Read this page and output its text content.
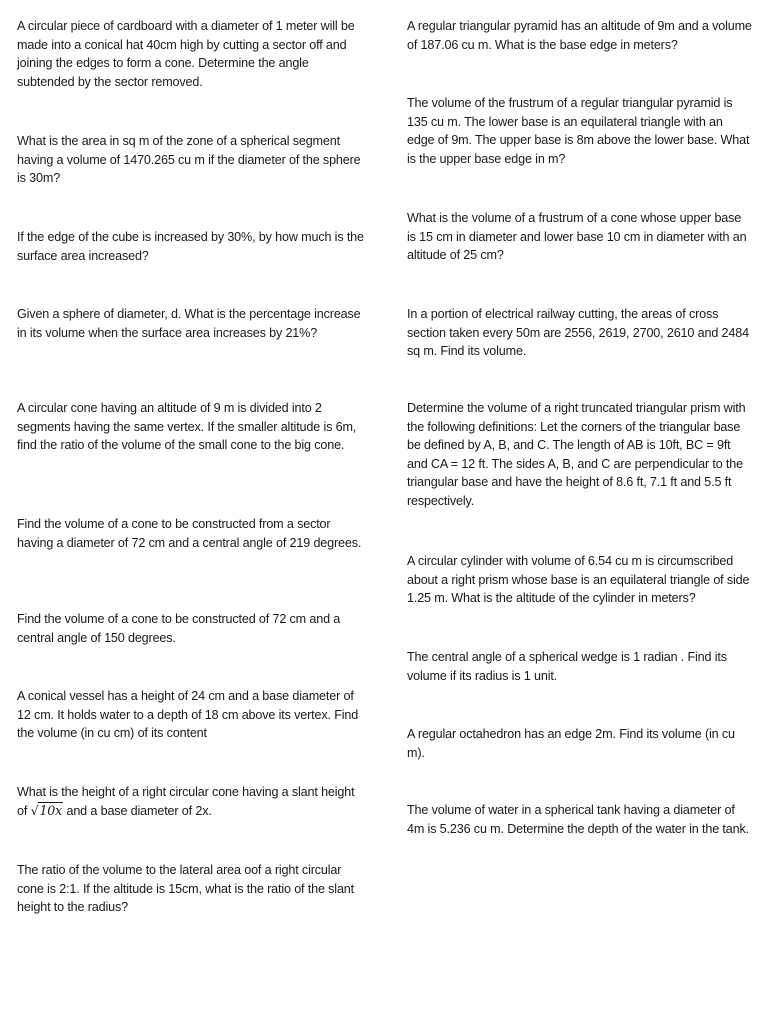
A circular piece of cardboard with a diameter of 1 meter will be made into a conical hat 40cm high by cutting a sector off and joining the edges to form a cone. Determine the angle subtended by the sector removed.

What is the area in sq m of the zone of a spherical segment having a volume of 1470.265 cu m if the diameter of the sphere is 30m?

If the edge of the cube is increased by 30%, by how much is the surface area increased?

Given a sphere of diameter, d. What is the percentage increase in its volume when the surface area increases by 21%?

A circular cone having an altitude of 9 m is divided into 2 segments having the same vertex. If the smaller altitude is 6m, find the ratio of the volume of the small cone to the big cone.

Find the volume of a cone to be constructed from a sector having a diameter of 72 cm and a central angle of 219 degrees.

Find the volume of a cone to be constructed of 72 cm and a central angle of 150 degrees.

A conical vessel has a height of 24 cm and a base diameter of 12 cm. It holds water to a depth of 18 cm above its vertex. Find the volume (in cu cm) of its content

What is the height of a right circular cone having a slant height of √10x and a base diameter of 2x.

The ratio of the volume to the lateral area oof a right circular cone is 2:1. If the altitude is 15cm, what is the ratio of the slant height to the radius?

A regular triangular pyramid has an altitude of 9m and a volume of 187.06 cu m. What is the base edge in meters?

The volume of the frustrum of a regular triangular pyramid is 135 cu m. The lower base is an equilateral triangle with an edge of 9m. The upper base is 8m above the lower base. What is the upper base edge in m?

What is the volume of a frustrum of a cone whose upper base is 15 cm in diameter and lower base 10 cm in diameter with an altitude of 25 cm?

In a portion of electrical railway cutting, the areas of cross section taken every 50m are 2556, 2619, 2700, 2610 and 2484 sq m. Find its volume.

Determine the volume of a right truncated triangular prism with the following definitions: Let the corners of the triangular base be defined by A, B, and C. The length of AB is 10ft, BC = 9ft and CA = 12 ft. The sides A, B, and C are perpendicular to the triangular base and have the height of 8.6 ft, 7.1 ft and 5.5 ft respectively.

A circular cylinder with volume of 6.54 cu m is circumscribed about a right prism whose base is an equilateral triangle of side 1.25 m. What is the altitude of the cylinder in meters?

The central angle of a spherical wedge is 1 radian . Find its volume if its radius is 1 unit.

A regular octahedron has an edge 2m. Find its volume (in cu m).

The volume of water in a spherical tank having a diameter of 4m is 5.236 cu m. Determine the depth of the water in the tank.
